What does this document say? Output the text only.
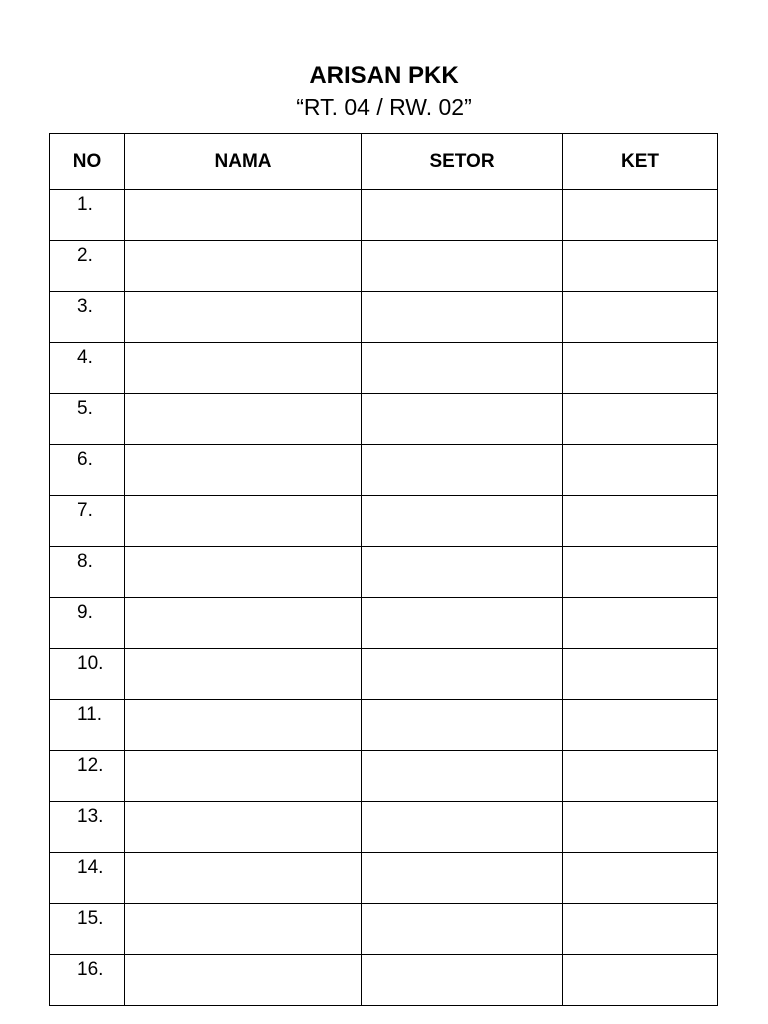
ARISAN PKK
“RT. 04 / RW. 02”
NO	NAMA	SETOR	KET
1.			
2.			
3.			
4.			
5.			
6.			
7.			
8.			
9.			
10.			
11.			
12.			
13.			
14.			
15.			
16.			
